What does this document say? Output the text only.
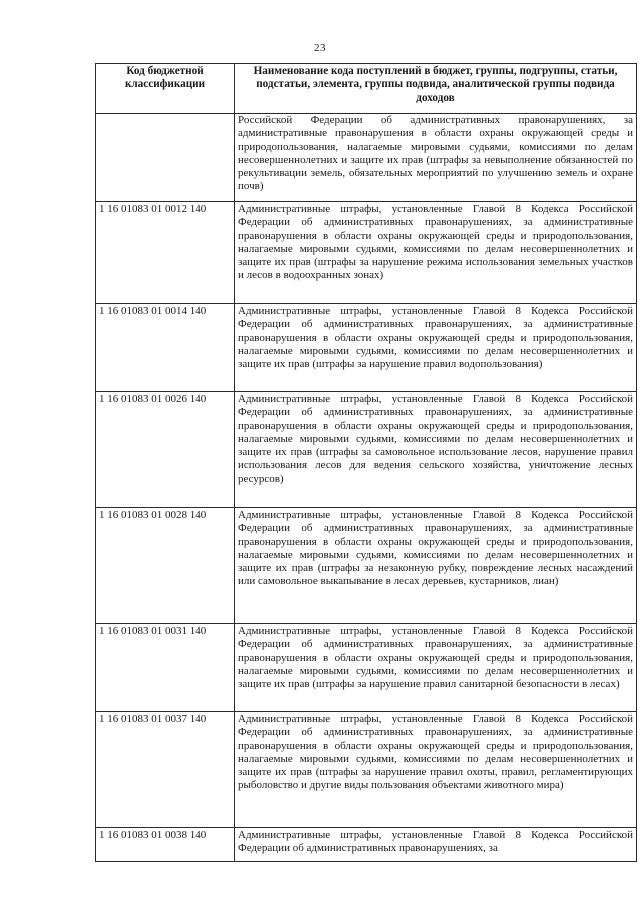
23
Код бюджетной классификации	Наименование кода поступлений в бюджет, группы, подгруппы, статьи, подстатьи, элемента, группы подвида, аналитической группы подвида доходов
	Российской Федерации об административных правонарушениях, за административные правонарушения в области охраны окружающей среды и природопользования, налагаемые мировыми судьями, комиссиями по делам несовершеннолетних и защите их прав (штрафы за невыполнение обязанностей по рекультивации земель, обязательных мероприятий по улучшению земель и охране почв)
1 16 01083 01 0012 140	Административные штрафы, установленные Главой 8 Кодекса Российской Федерации об административных правонарушениях, за административные правонарушения в области охраны окружающей среды и природопользования, налагаемые мировыми судьями, комиссиями по делам несовершеннолетних и защите их прав (штрафы за нарушение режима использования земельных участков и лесов в водоохранных зонах)
1 16 01083 01 0014 140	Административные штрафы, установленные Главой 8 Кодекса Российской Федерации об административных правонарушениях, за административные правонарушения в области охраны окружающей среды и природопользования, налагаемые мировыми судьями, комиссиями по делам несовершеннолетних и защите их прав (штрафы за нарушение правил водопользования)
1 16 01083 01 0026 140	Административные штрафы, установленные Главой 8 Кодекса Российской Федерации об административных правонарушениях, за административные правонарушения в области охраны окружающей среды и природопользования, налагаемые мировыми судьями, комиссиями по делам несовершеннолетних и защите их прав (штрафы за самовольное использование лесов, нарушение правил использования лесов для ведения сельского хозяйства, уничтожение лесных ресурсов)
1 16 01083 01 0028 140	Административные штрафы, установленные Главой 8 Кодекса Российской Федерации об административных правонарушениях, за административные правонарушения в области охраны окружающей среды и природопользования, налагаемые мировыми судьями, комиссиями по делам несовершеннолетних и защите их прав (штрафы за незаконную рубку, повреждение лесных насаждений или самовольное выкапывание в лесах деревьев, кустарников, лиан)
1 16 01083 01 0031 140	Административные штрафы, установленные Главой 8 Кодекса Российской Федерации об административных правонарушениях, за административные правонарушения в области охраны окружающей среды и природопользования, налагаемые мировыми судьями, комиссиями по делам несовершеннолетних и защите их прав (штрафы за нарушение правил санитарной безопасности в лесах)
1 16 01083 01 0037 140	Административные штрафы, установленные Главой 8 Кодекса Российской Федерации об административных правонарушениях, за административные правонарушения в области охраны окружающей среды и природопользования, налагаемые мировыми судьями, комиссиями по делам несовершеннолетних и защите их прав (штрафы за нарушение правил охоты, правил, регламентирующих рыболовство и другие виды пользования объектами животного мира)
1 16 01083 01 0038 140	Административные штрафы, установленные Главой 8 Кодекса Российской Федерации об административных правонарушениях, за
